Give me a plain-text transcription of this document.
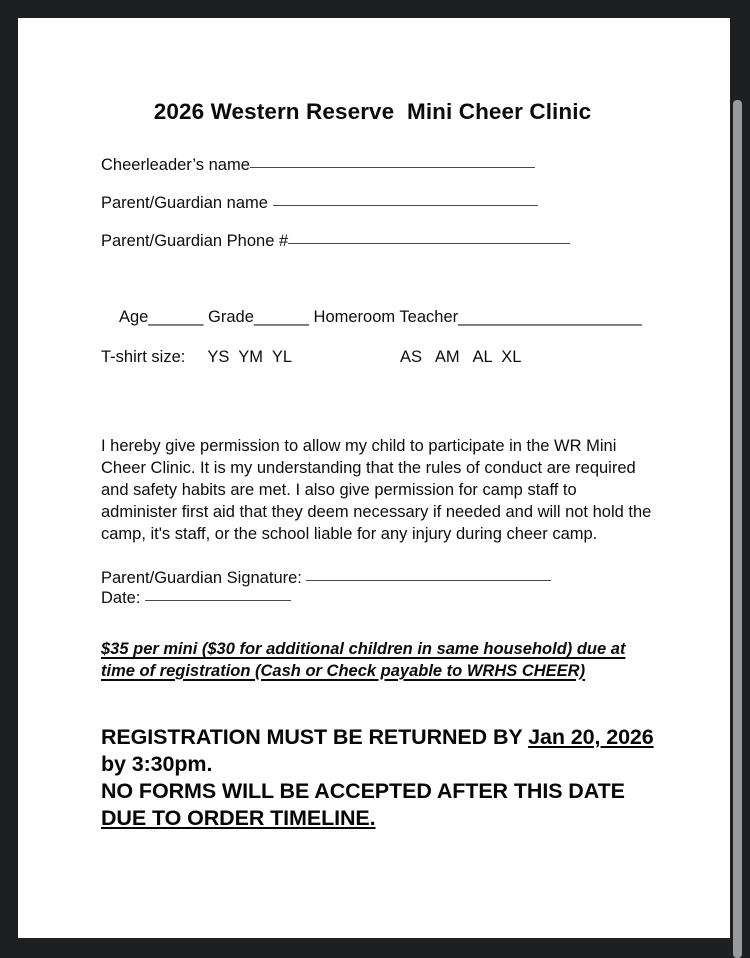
2026 Western Reserve  Mini Cheer Clinic

Cheerleader’s name

Parent/Guardian name

Parent/Guardian Phone #

Age______ Grade______ Homeroom Teacher____________________

T-shirt size: YS  YM  YL	AS   AM   AL  XL

I hereby give permission to allow my child to participate in the WR Mini Cheer Clinic. It is my understanding that the rules of conduct are required and safety habits are met. I also give permission for camp staff to administer first aid that they deem necessary if needed and will not hold the camp, it's staff, or the school liable for any injury during cheer camp.

Parent/Guardian Signature:

Date:

$35 per mini ($30 for additional children in same household) due at time of registration (Cash or Check payable to WRHS CHEER)

REGISTRATION MUST BE RETURNED BY Jan 20, 2026
by 3:30pm.
NO FORMS WILL BE ACCEPTED AFTER THIS DATE
DUE TO ORDER TIMELINE.
